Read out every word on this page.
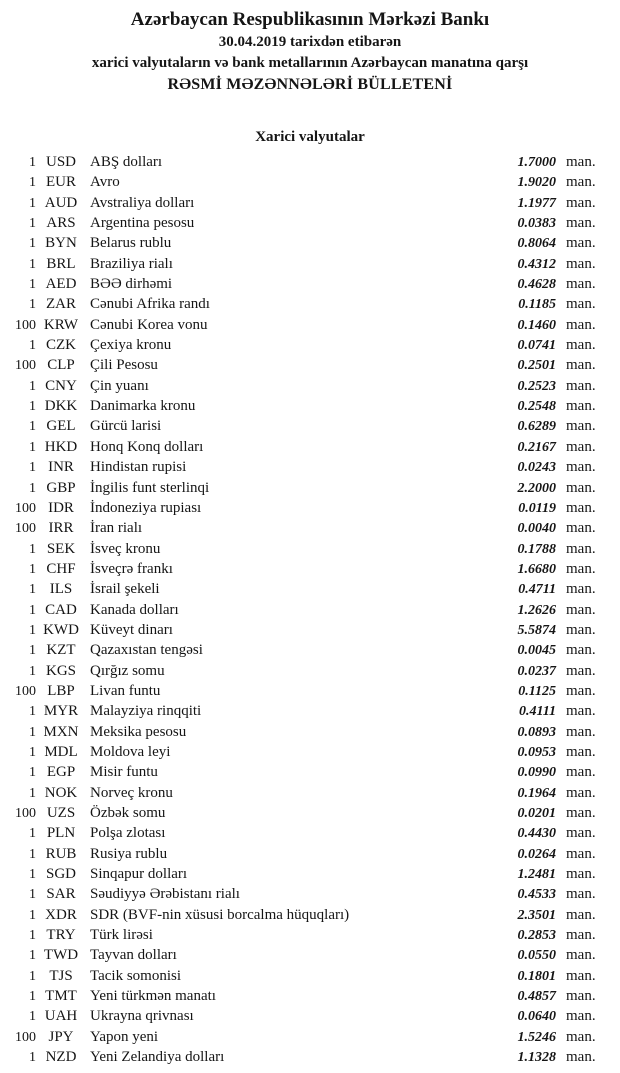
Azərbaycan Respublikasının Mərkəzi Bankı
30.04.2019 tarixdən etibarən
xarici valyutaların və bank metallarının Azərbaycan manatına qarşı
RƏSMİ MƏZƏNNƏLƏRİ BÜLLETENİ
Xarici valyutalar
1 USD ABŞ dolları	1.7000 man.
1 EUR Avro	1.9020 man.
1 AUD Avstraliya dolları	1.1977 man.
1 ARS Argentina pesosu	0.0383 man.
1 BYN Belarus rublu	0.8064 man.
1 BRL Braziliya rialı	0.4312 man.
1 AED BƏƏ dirhəmi	0.4628 man.
1 ZAR Cənubi Afrika randı	0.1185 man.
100 KRW Cənubi Korea vonu	0.1460 man.
1 CZK Çexiya kronu	0.0741 man.
100 CLP	Çili Pesosu	0.2501 man.
1 CNY Çin yuanı	0.2523 man.
1 DKK Danimarka kronu	0.2548 man.
1 GEL Gürcü larisi	0.6289 man.
1 HKD Honq Konq dolları	0.2167 man.
1 INR	Hindistan rupisi	0.0243 man.
1 GBP İngilis funt sterlinqi	2.2000 man.
100 IDR	İndoneziya rupiası	0.0119 man.
100 IRR	İran rialı	0.0040 man.
1 SEK İsveç kronu	0.1788 man.
1 CHF İsveçrə frankı	1.6680 man.
1 ILS	İsrail şekeli	0.4711 man.
1 CAD Kanada dolları	1.2626 man.
1 KWD Küveyt dinarı	5.5874 man.
1 KZT Qazaxıstan tengəsi	0.0045 man.
1 KGS Qırğız somu	0.0237 man.
100 LBP	Livan funtu	0.1125 man.
1 MYR Malayziya rinqqiti	0.4111 man.
1 MXN Meksika pesosu	0.0893 man.
1 MDL Moldova leyi	0.0953 man.
1 EGP Misir funtu	0.0990 man.
1 NOK Norveç kronu	0.1964 man.
100 UZS Özbək somu	0.0201 man.
1 PLN Polşa zlotası	0.4430 man.
1 RUB Rusiya rublu	0.0264 man.
1 SGD Sinqapur dolları	1.2481 man.
1 SAR Səudiyyə Ərəbistanı rialı	0.4533 man.
1 XDR SDR (BVF-nin xüsusi borcalma hüquqları)	2.3501 man.
1 TRY Türk lirəsi	0.2853 man.
1 TWD Tayvan dolları	0.0550 man.
1 TJS	Tacik somonisi	0.1801 man.
1 TMT Yeni türkmən manatı	0.4857 man.
1 UAH Ukrayna qrivnası	0.0640 man.
100 JPY	Yapon yeni	1.5246 man.
1 NZD Yeni Zelandiya dolları	1.1328 man.
